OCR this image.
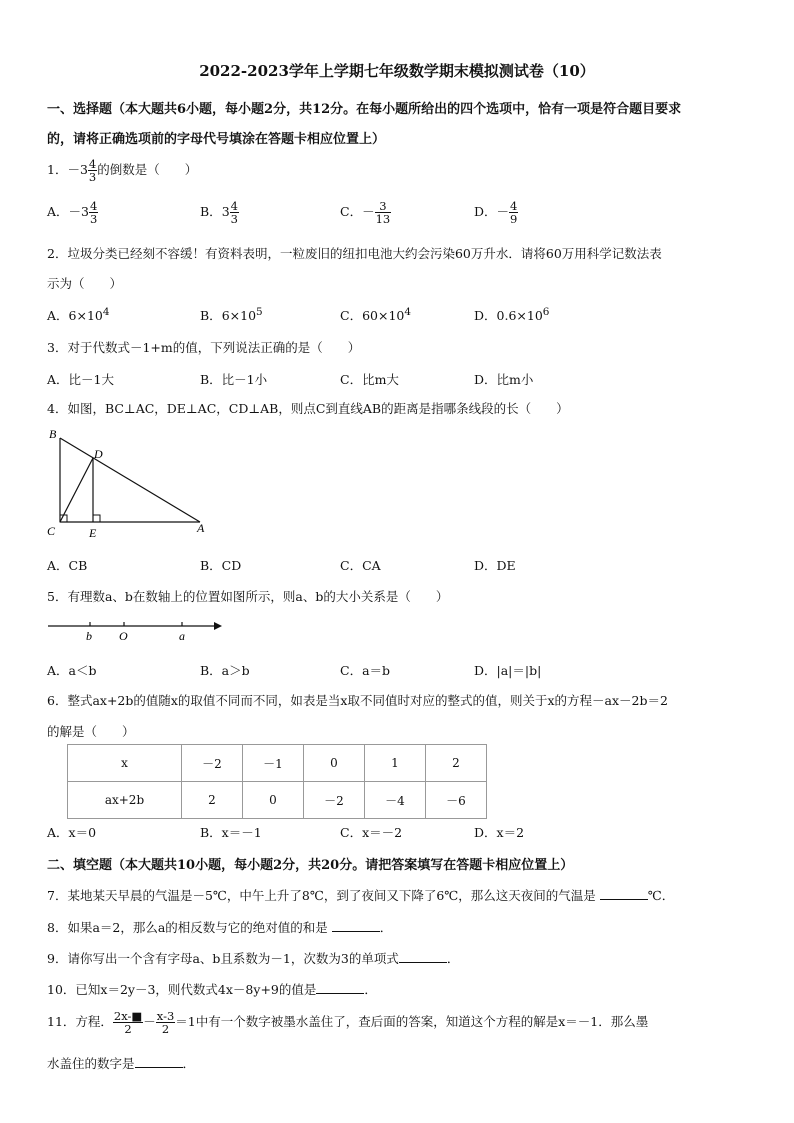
2022-2023学年上学期七年级数学期末模拟测试卷（10）
一、选择题（本大题共6小题，每小题2分，共12分。在每小题所给出的四个选项中，恰有一项是符合题目要求
的，请将正确选项前的字母代号填涂在答题卡相应位置上）
1．$-3 \frac{4}{3}$ 的倒数是（　　）
A．$-3 \frac{4}{3}$	B．$3 \frac{4}{3}$	C．－ $\frac{3}{13}$	D．－ $\frac{4}{9}$
2．垃圾分类已经刻不容缓！有资料表明，一粒废旧的纽扣电池大约会污染60万升水．请将60万用科学记数法表
示为（　　）
A．$6\times 10^4$	B．$6\times 10^5$	C．$60\times 10^4$	D．$0.6\times 10^6$
3．对于代数式－1+m的值，下列说法正确的是（　　）
A．比－1大	B．比－1小	C．比m大	D．比m小
4．如图，BC⊥AC，DE⊥AC，CD⊥AB，则点C到直线AB的距离是指哪条线段的长（　　）
B
D
C	E	A
A．CB	B．CD	C．CA	D．DE
5．有理数a、b在数轴上的位置如图所示，则a、b的大小关系是（　　）
b O	a
A．a＜b	B．a＞b	C．a＝b	D．|a|＝|b|
6．整式ax+2b的值随x的取值不同而不同，如表是当x取不同值时对应的整式的值，则关于x的方程－ax－2b＝2
的解是（　　）
x	－2	－1	0	1	2
ax+2b	2	0	－2	－4	－6
A．x＝0	B．x＝－1	C．x＝－2	D．x＝2
二、填空题（本大题共10小题，每小题2分，共20分。请把答案填写在答题卡相应位置上）
7．某地某天早晨的气温是－5℃，中午上升了8℃，到了夜间又下降了6℃，那么这天夜间的气温是	℃．
8．如果a＝2，那么a的相反数与它的绝对值的和是	．
9．请你写出一个含有字母a、b且系数为－1，次数为3的单项式	．
10．已知x＝2y－3，则代数式4x－8y+9的值是	．
11．方程． $\frac{2x-■}{2} - \frac{x-3}{2} =1$中有一个数字被墨水盖住了，查后面的答案，知道这个方程的解是x＝－1．那么墨
水盖住的数字是	．
